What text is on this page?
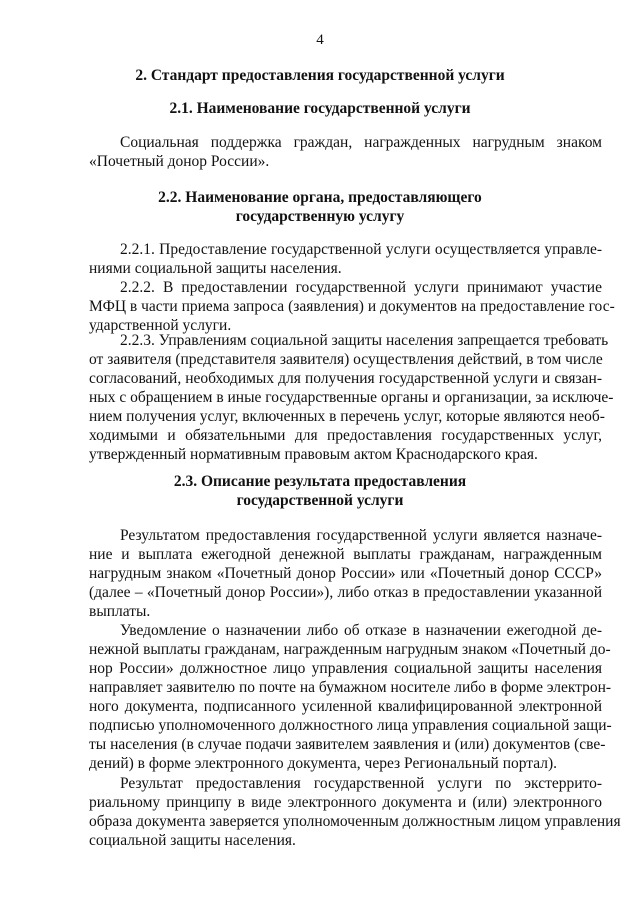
4
2. Стандарт предоставления государственной услуги
2.1. Наименование государственной услуги
Социальная поддержка граждан, награжденных нагрудным знаком
«Почетный донор России».
2.2. Наименование органа, предоставляющего
государственную услугу
2.2.1. Предоставление государственной услуги осуществляется управле-
ниями социальной защиты населения.
2.2.2. В предоставлении государственной услуги принимают участие
МФЦ в части приема запроса (заявления) и документов на предоставление гос-
ударственной услуги.
2.2.3. Управлениям социальной защиты населения запрещается требовать
от заявителя (представителя заявителя) осуществления действий, в том числе
согласований, необходимых для получения государственной услуги и связан-
ных с обращением в иные государственные органы и организации, за исключе-
нием получения услуг, включенных в перечень услуг, которые являются необ-
ходимыми и обязательными для предоставления государственных услуг,
утвержденный нормативным правовым актом Краснодарского края.
2.3. Описание результата предоставления
государственной услуги
Результатом предоставления государственной услуги является назначе-
ние и выплата ежегодной денежной выплаты гражданам, награжденным
нагрудным знаком «Почетный донор России» или «Почетный донор СССР»
(далее – «Почетный донор России»), либо отказ в предоставлении указанной
выплаты.
Уведомление о назначении либо об отказе в назначении ежегодной де-
нежной выплаты гражданам, награжденным нагрудным знаком «Почетный до-
нор России» должностное лицо управления социальной защиты населения
направляет заявителю по почте на бумажном носителе либо в форме электрон-
ного документа, подписанного усиленной квалифицированной электронной
подписью уполномоченного должностного лица управления социальной защи-
ты населения (в случае подачи заявителем заявления и (или) документов (све-
дений) в форме электронного документа, через Региональный портал).
Результат предоставления государственной услуги по экстеррито-
риальному принципу в виде электронного документа и (или) электронного
образа документа заверяется уполномоченным должностным лицом управления
социальной защиты населения.
